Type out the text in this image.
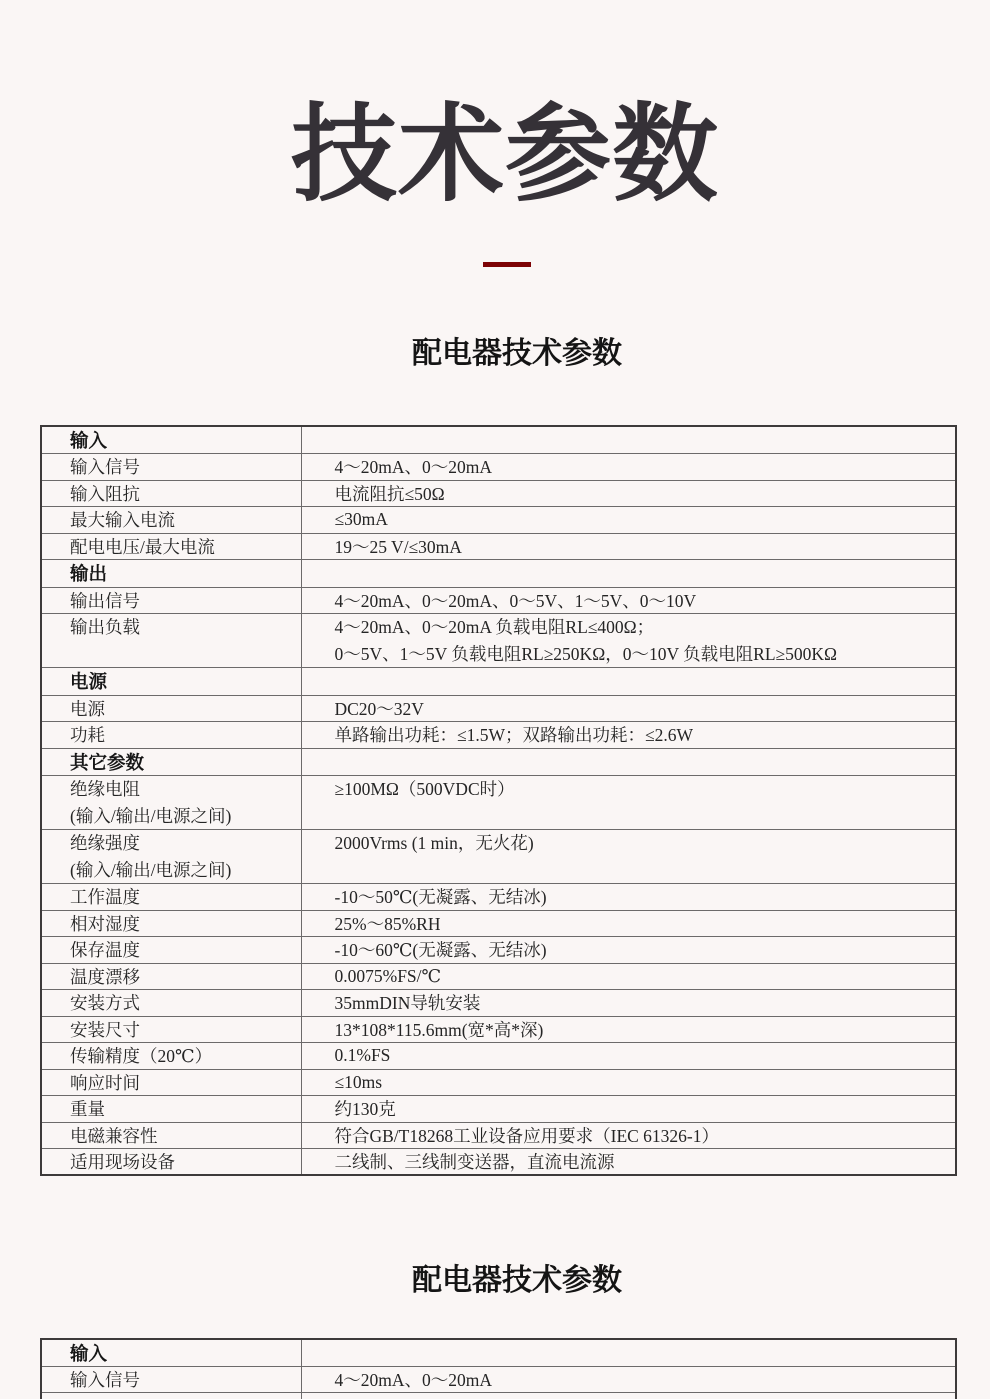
技术参数
配电器技术参数
输入	
输入信号	4～20mA、0～20mA
输入阻抗	电流阻抗≤50Ω
最大输入电流	≤30mA
配电电压/最大电流	19～25 V/≤30mA
输出	
输出信号	4～20mA、0～20mA、0～5V、1～5V、0～10V

输出负载	4～20mA、0～20mA 负载电阻RL≤400Ω；
0～5V、1～5V 负载电阻RL≥250KΩ，0～10V 负载电阻RL≥500KΩ

电源	
电源	DC20～32V
功耗	单路输出功耗：≤1.5W；双路输出功耗：≤2.6W
其它参数	

绝缘电阻
(输入/输出/电源之间)	≥100MΩ（500VDC时）

绝缘强度
(输入/输出/电源之间)	2000Vrms (1 min，无火花)

工作温度	-10～50℃(无凝露、无结冰)
相对湿度	25%～85%RH
保存温度	-10～60℃(无凝露、无结冰)
温度漂移	0.0075%FS/℃
安装方式	35mmDIN导轨安装
安装尺寸	13*108*115.6mm(宽*高*深)
传输精度（20℃）	0.1%FS
响应时间	≤10ms
重量	约130克
电磁兼容性	符合GB/T18268工业设备应用要求（IEC 61326-1）
适用现场设备	二线制、三线制变送器，直流电流源
配电器技术参数
输入	
输入信号	4～20mA、0～20mA
